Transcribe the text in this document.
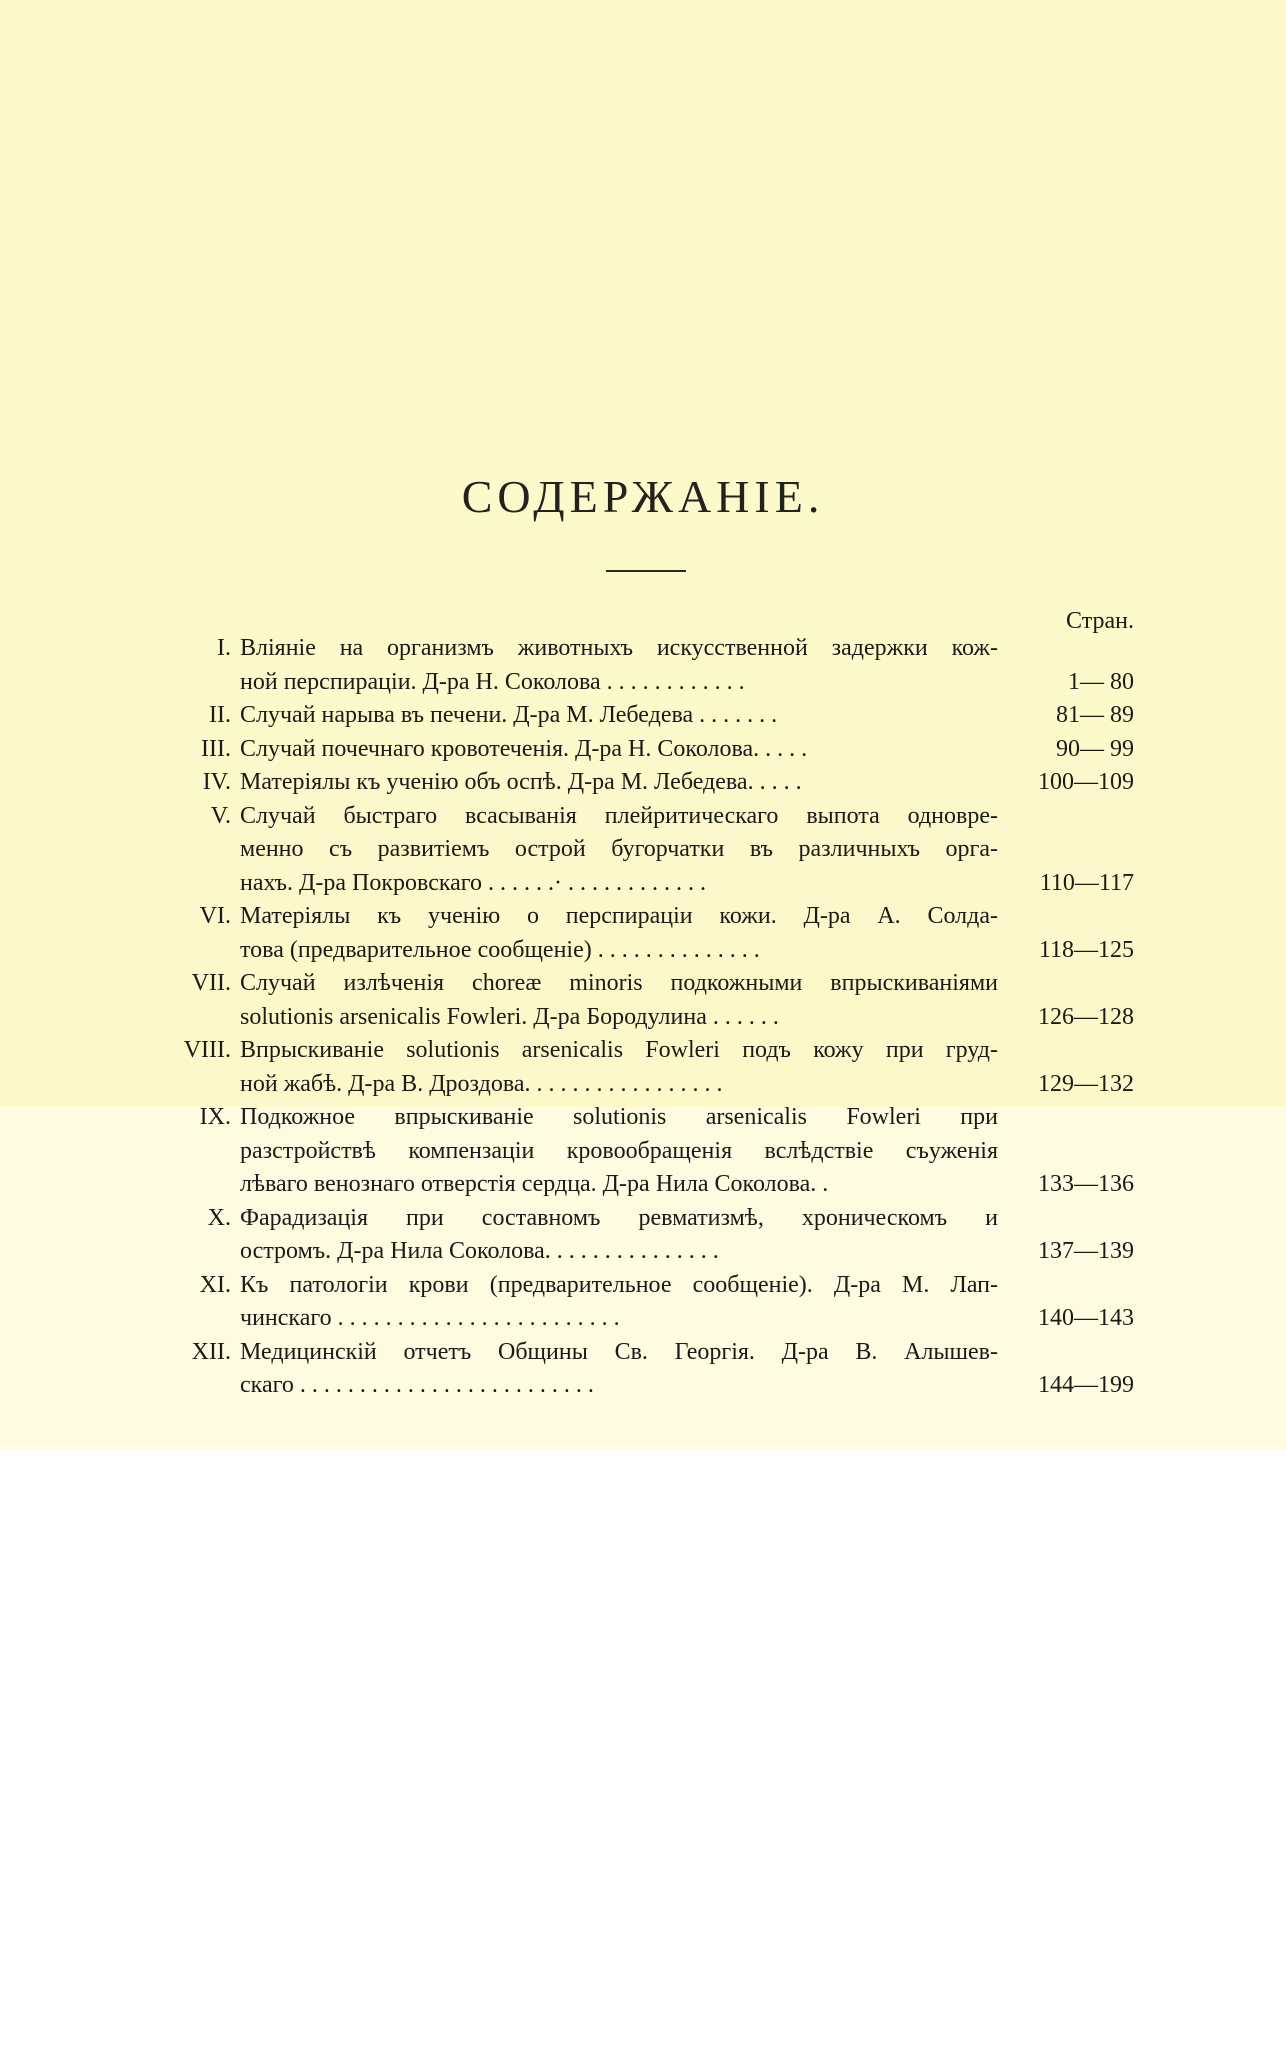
СОДЕРЖАНІЕ.
Стран.
I. Вліяніе на организмъ животныхъ искусственной задержки кож-
ной перспираціи. Д-ра Н. Соколова . . . . . . . . . . . .	1— 80
II. Случай нарыва въ печени. Д-ра М. Лебедева . . . . . . .	81— 89
III. Случай почечнаго кровотеченія. Д-ра Н. Соколова. . . . .	90— 99
IV. Матеріялы къ ученію объ оспѣ. Д-ра М. Лебедева. . . . .	100—109
V. Случай быстраго всасыванія плейритическаго выпота одновре-
менно съ развитіемъ острой бугорчатки въ различныхъ орга-
нахъ. Д-ра Покровскаго . . . . . .· . . . . . . . . . . . .	110—117
VI. Матеріялы къ ученію о перспираціи кожи. Д-ра А. Солда-
това (предварительное сообщеніе) . . . . . . . . . . . . . .	118—125
VII. Случай излѣченія choreæ minoris подкожными впрыскиваніями
solutionis arsenicalis Fowleri. Д-ра Бородулина . . . . . .	126—128
VIII. Впрыскиваніе solutionis arsenicalis Fowleri подъ кожу при груд-
ной жабѣ. Д-ра В. Дроздова. . . . . . . . . . . . . . . . .	129—132
IX. Подкожное впрыскиваніе solutionis arsenicalis Fowleri при
разстройствѣ компензаціи кровообращенія вслѣдствіе съуженія
лѣваго венознаго отверстія сердца. Д-ра Нила Соколова. .	133—136
X. Фарадизація при составномъ ревматизмѣ, хроническомъ и
остромъ. Д-ра Нила Соколова. . . . . . . . . . . . . . .	137—139
XI. Къ патологіи крови (предварительное сообщеніе). Д-ра М. Лап-
чинскаго . . . . . . . . . . . . . . . . . . . . . . . .	140—143
XII. Медицинскій отчетъ Общины Св. Георгія. Д-ра В. Алышев-
скаго . . . . . . . . . . . . . . . . . . . . . . . . .	144—199
